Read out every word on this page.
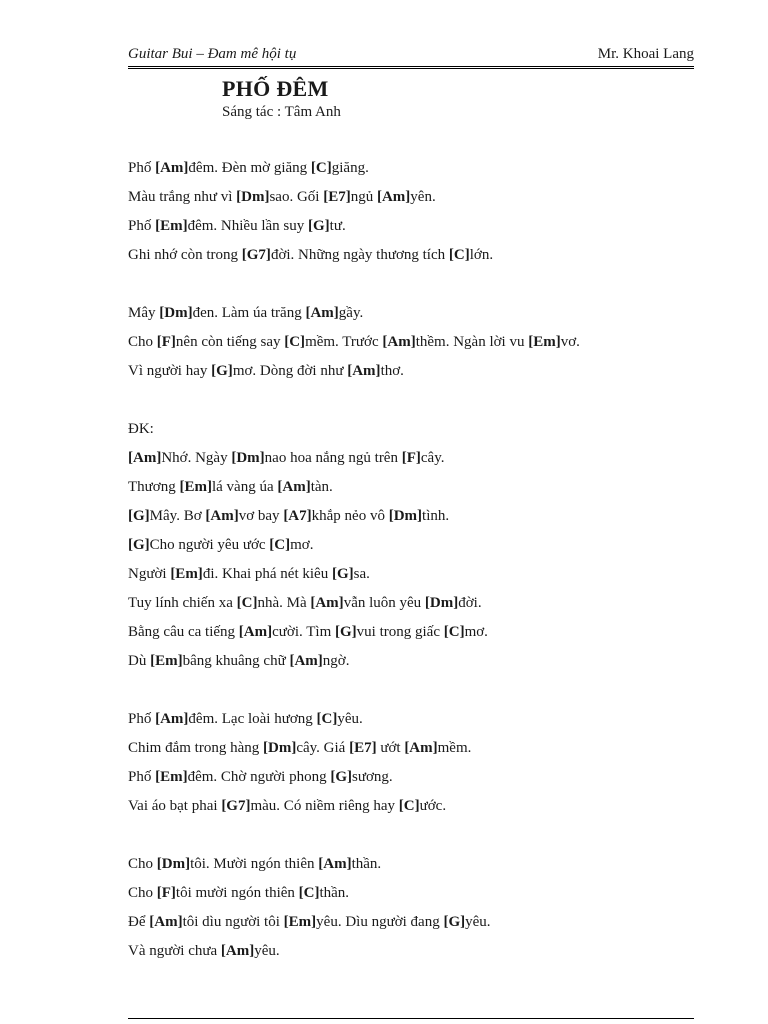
Guitar Bui – Đam mê hội tụ	Mr. Khoai Lang
PHỐ ĐÊM
Sáng tác : Tâm Anh
Phố [Am]đêm. Đèn mờ giăng [C]giăng.
Màu trắng như vì [Dm]sao. Gối [E7]ngủ [Am]yên.
Phố [Em]đêm. Nhiều lần suy [G]tư.
Ghi nhớ còn trong [G7]đời. Những ngày thương tích [C]lớn.
Mây [Dm]đen. Làm úa trăng [Am]gầy.
Cho [F]nên còn tiếng say [C]mềm. Trước [Am]thềm. Ngàn lời vu [Em]vơ.
Vì người hay [G]mơ. Dòng đời như [Am]thơ.
ĐK:
[Am]Nhớ. Ngày [Dm]nao hoa nắng ngủ trên [F]cây.
Thương [Em]lá vàng úa [Am]tàn.
[G]Mây. Bơ [Am]vơ bay [A7]khắp nẻo vô [Dm]tình.
[G]Cho người yêu ước [C]mơ.
Người [Em]đi. Khai phá nét kiêu [G]sa.
Tuy lính chiến xa [C]nhà. Mà [Am]vẫn luôn yêu [Dm]đời.
Bằng câu ca tiếng [Am]cười. Tìm [G]vui trong giấc [C]mơ.
Dù [Em]bâng khuâng chữ [Am]ngờ.
Phố [Am]đêm. Lạc loài hương [C]yêu.
Chim đắm trong hàng [Dm]cây. Giá [E7] ướt [Am]mềm.
Phố [Em]đêm. Chờ người phong [G]sương.
Vai áo bạt phai [G7]màu. Có niềm riêng hay [C]ước.
Cho [Dm]tôi. Mười ngón thiên [Am]thần.
Cho [F]tôi mười ngón thiên [C]thần.
Để [Am]tôi dìu người tôi [Em]yêu. Dìu người đang [G]yêu.
Và người chưa [Am]yêu.
